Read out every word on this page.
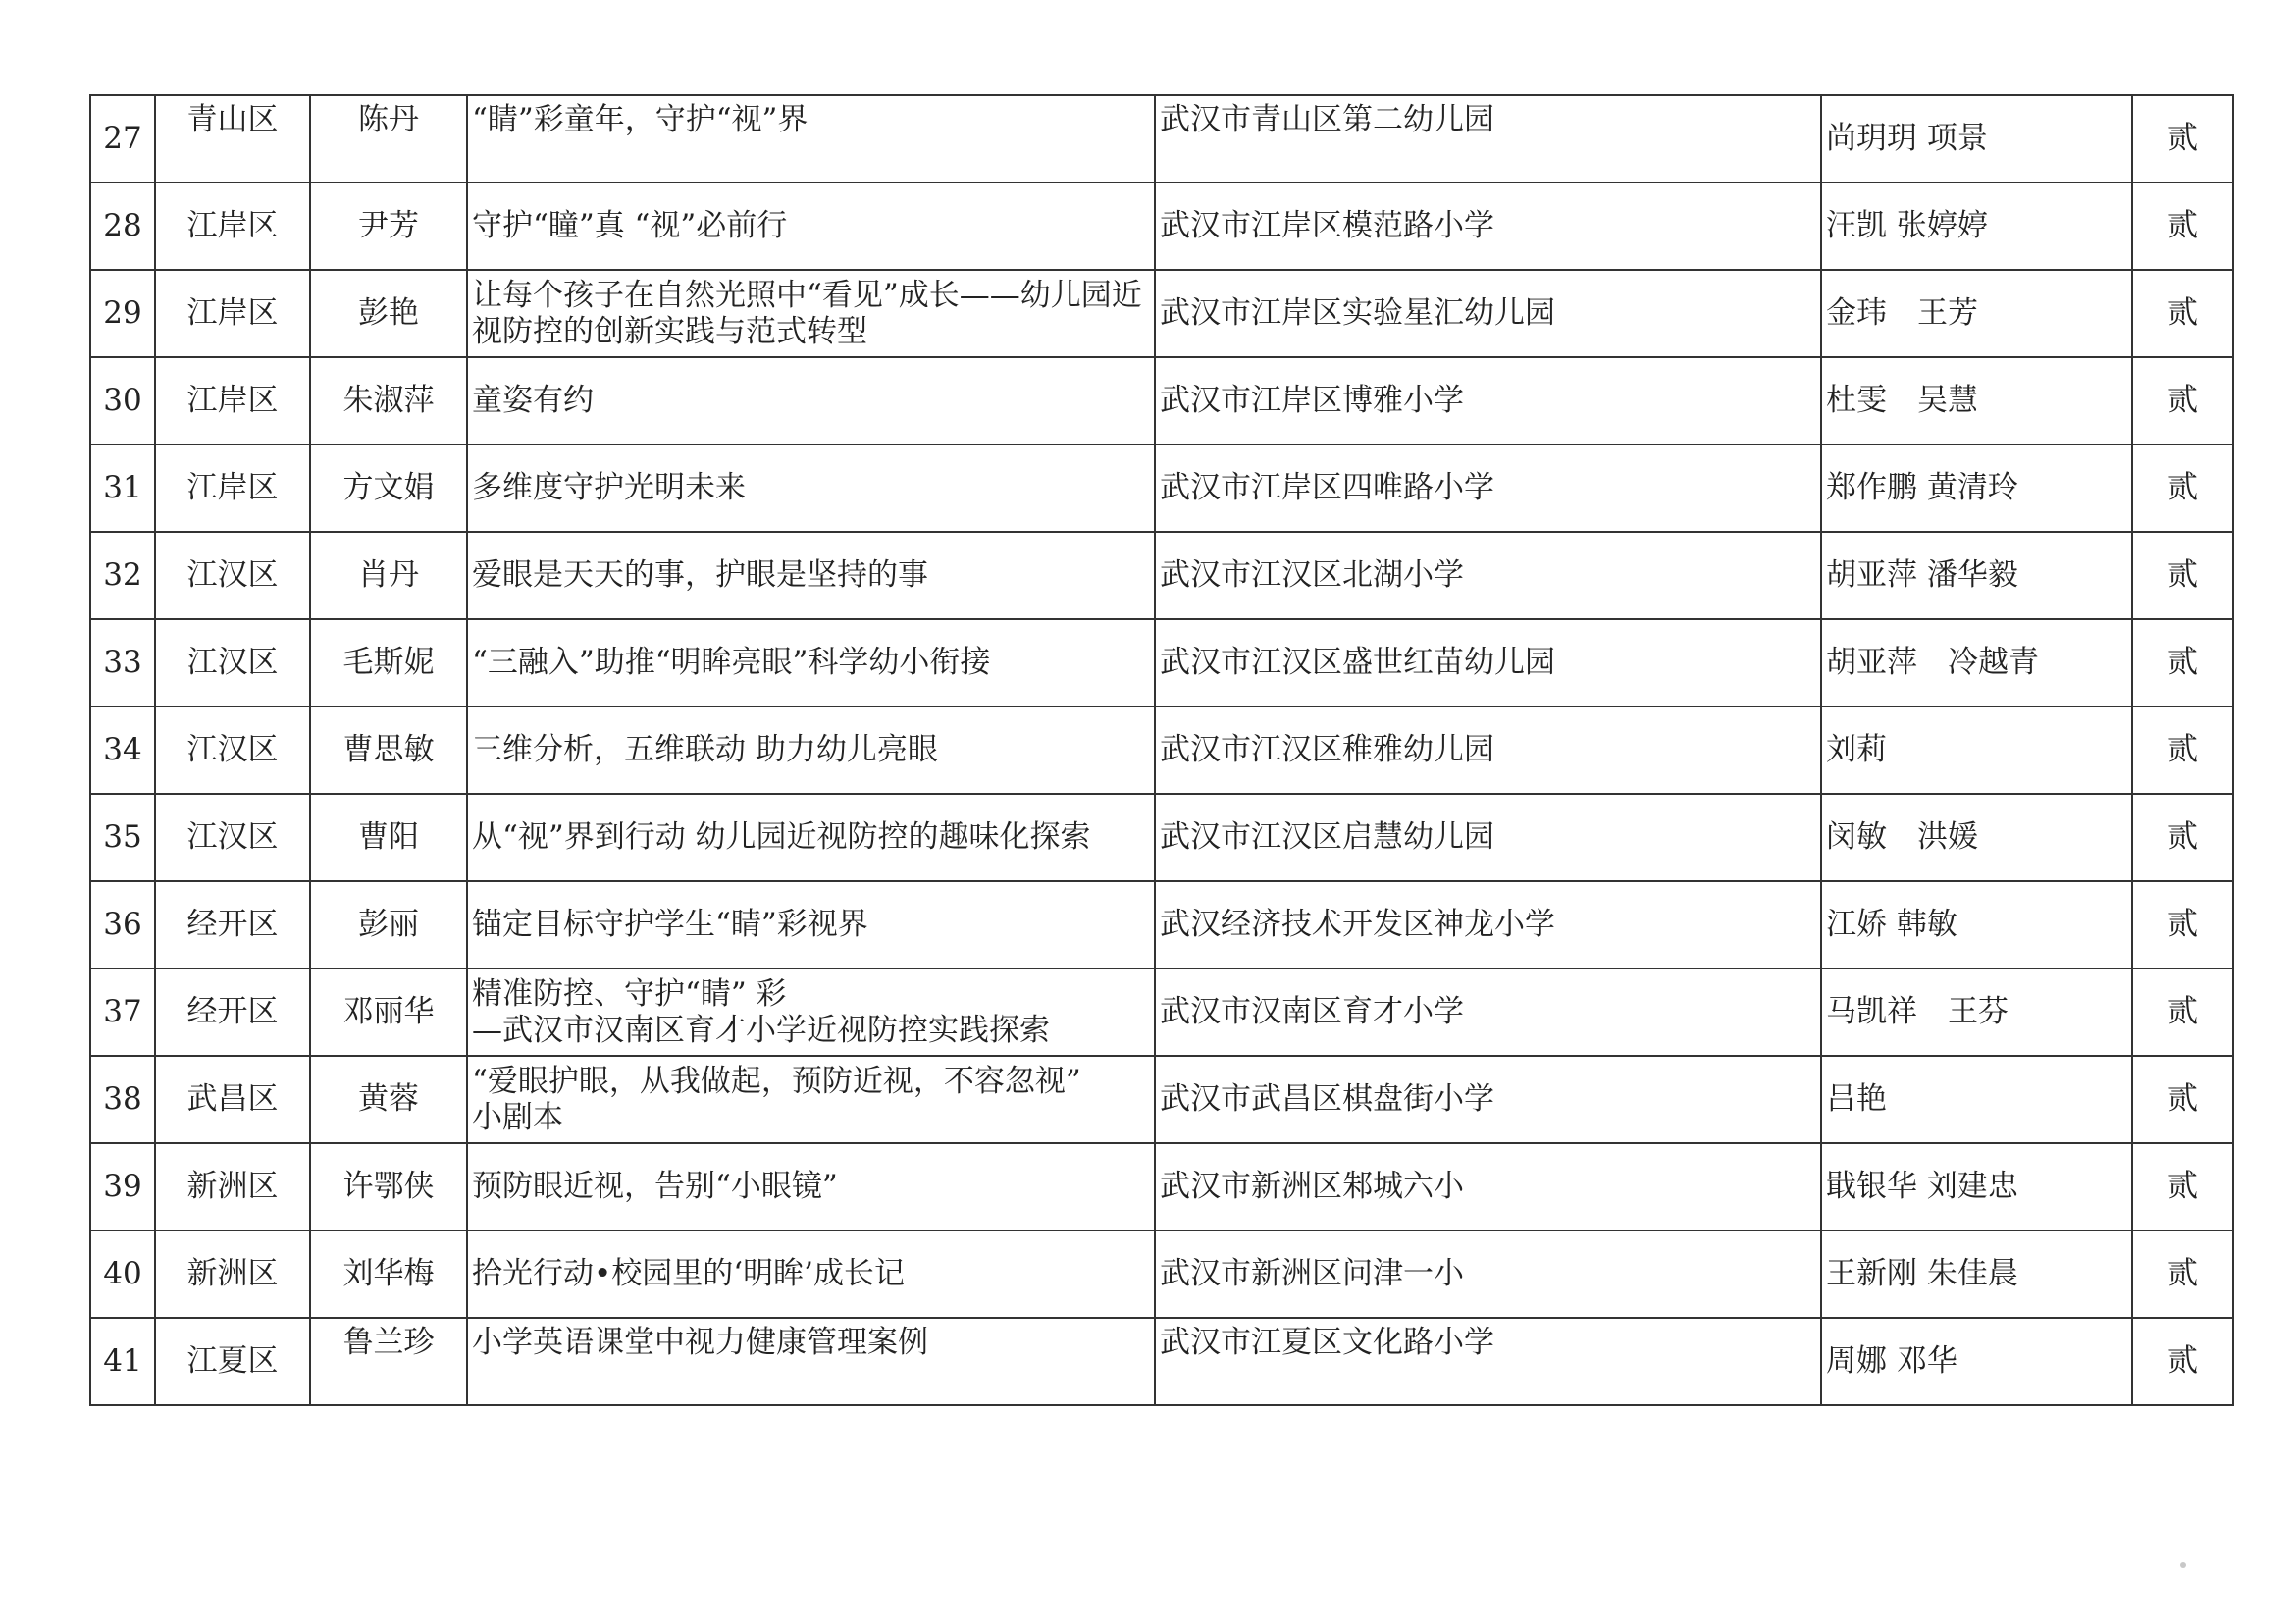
27	青山区	陈丹	“睛”彩童年，守护“视”界	武汉市青山区第二幼儿园	尚玥玥 项景	贰
28	江岸区	尹芳	守护“瞳”真 “视”必前行	武汉市江岸区模范路小学	汪凯 张婷婷	贰
29	江岸区	彭艳	让每个孩子在自然光照中“看见”成长——幼儿园近视防控的创新实践与范式转型	武汉市江岸区实验星汇幼儿园	金玮　王芳	贰
30	江岸区	朱淑萍	童姿有约	武汉市江岸区博雅小学	杜雯　吴慧	贰
31	江岸区	方文娟	多维度守护光明未来	武汉市江岸区四唯路小学	郑作鹏 黄清玲	贰
32	江汉区	肖丹	爱眼是天天的事，护眼是坚持的事	武汉市江汉区北湖小学	胡亚萍 潘华毅	贰
33	江汉区	毛斯妮	“三融入”助推“明眸亮眼”科学幼小衔接	武汉市江汉区盛世红苗幼儿园	胡亚萍　冷越青	贰
34	江汉区	曹思敏	三维分析，五维联动 助力幼儿亮眼	武汉市江汉区稚雅幼儿园	刘莉	贰
35	江汉区	曹阳	从“视”界到行动 幼儿园近视防控的趣味化探索	武汉市江汉区启慧幼儿园	闵敏　洪媛	贰
36	经开区	彭丽	锚定目标守护学生“睛”彩视界	武汉经济技术开发区神龙小学	江娇 韩敏	贰
37	经开区	邓丽华	精准防控、守护“睛” 彩
—武汉市汉南区育才小学近视防控实践探索	武汉市汉南区育才小学	马凯祥　王芬	贰
38	武昌区	黄蓉	“爱眼护眼，从我做起，预防近视，不容忽视”
小剧本	武汉市武昌区棋盘街小学	吕艳	贰
39	新洲区	许鄂侠	预防眼近视，告别“小眼镜”	武汉市新洲区邾城六小	戢银华 刘建忠	贰
40	新洲区	刘华梅	拾光行动•校园里的‘明眸’成长记	武汉市新洲区问津一小	王新刚 朱佳晨	贰
41	江夏区	鲁兰珍	小学英语课堂中视力健康管理案例	武汉市江夏区文化路小学	周娜 邓华	贰
